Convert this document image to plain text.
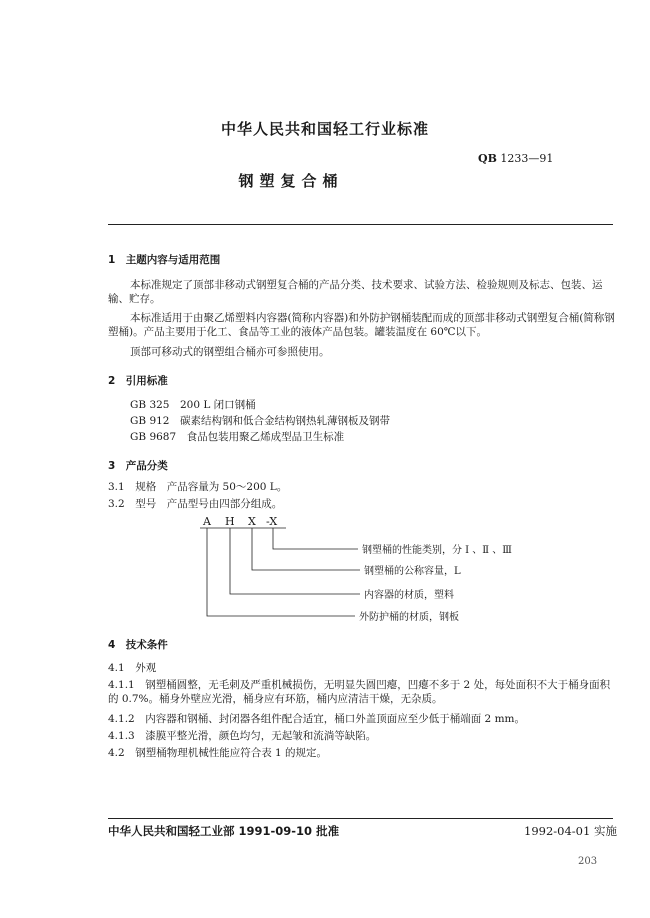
中华人民共和国轻工行业标准
QB 1233—91
钢塑复合桶
1　主题内容与适用范围
本标准规定了顶部非移动式钢塑复合桶的产品分类、技术要求、试验方法、检验规则及标志、包装、运输、贮存。
本标准适用于由聚乙烯塑料内容器(简称内容器)和外防护钢桶装配而成的顶部非移动式钢塑复合桶(简称钢塑桶)。产品主要用于化工、食品等工业的液体产品包装。罐装温度在 60℃以下。
顶部可移动式的钢塑组合桶亦可参照使用。
2　引用标准
GB 325　200 L 闭口钢桶
GB 912　碳素结构钢和低合金结构钢热轧薄钢板及钢带
GB 9687　食品包装用聚乙烯成型品卫生标准
3　产品分类
3.1　规格　产品容量为 50～200 L。
3.2　型号　产品型号由四部分组成。
A H X -X
钢塑桶的性能类别，分 Ⅰ 、Ⅱ 、Ⅲ
钢塑桶的公称容量，L
内容器的材质，塑料
外防护桶的材质，钢板
4　技术条件
4.1　外观
4.1.1　钢塑桶圆整，无毛刺及严重机械损伤，无明显失圆凹瘪，凹瘪不多于 2 处，每处面积不大于桶身面积的 0.7%。桶身外壁应光滑，桶身应有环筋，桶内应清洁干燥，无杂质。
4.1.2　内容器和钢桶、封闭器各组件配合适宜，桶口外盖顶面应至少低于桶端面 2 mm。
4.1.3　漆膜平整光滑，颜色均匀，无起皱和流淌等缺陷。
4.2　钢塑桶物理机械性能应符合表 1 的规定。
中华人民共和国轻工业部 1991-09-10 批准	1992-04-01 实施
203
